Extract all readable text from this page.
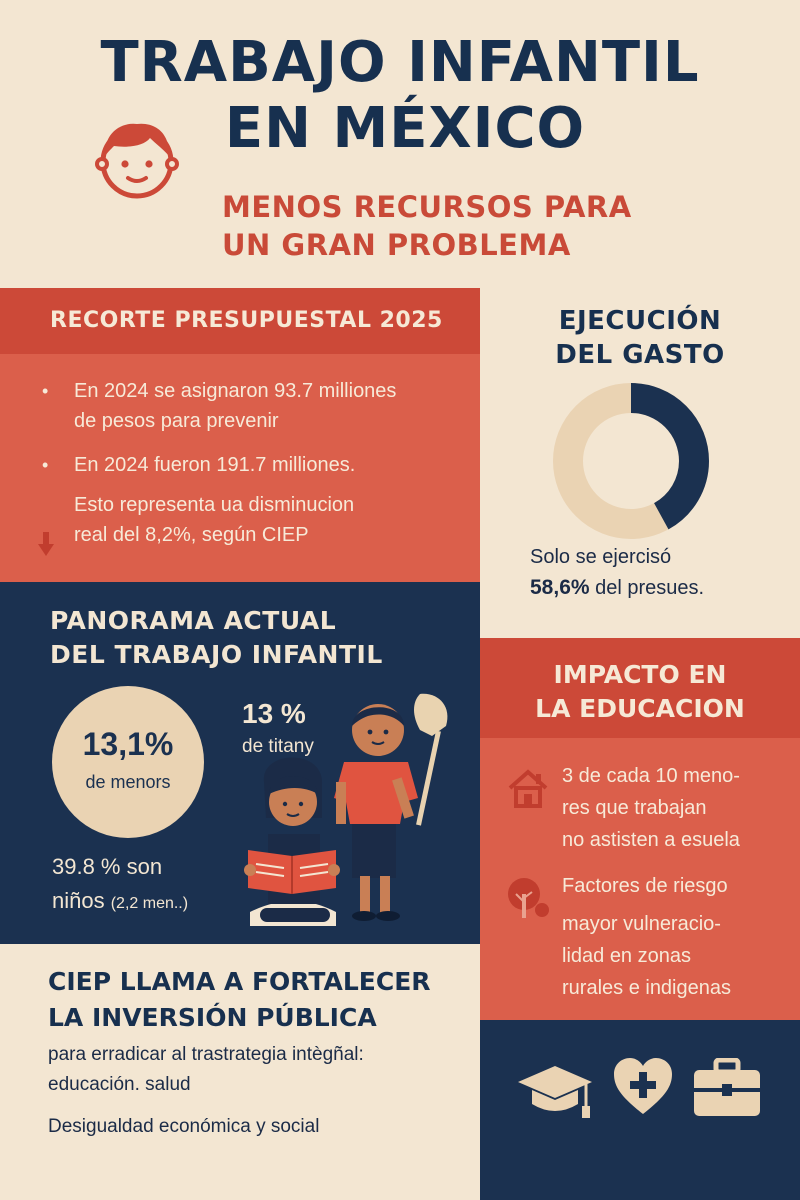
TRABAJO INFANTIL

EN MÉXICO
MENOS RECURSOS PARA
UN GRAN PROBLEMA
RECORTE PRESUPUESTAL 2025
• En 2024 se asignaron 93.7 milliones
de pesos para prevenir
• En 2024 fueron 191.7 milliones.
Esto representa ua disminucion
real del 8,2%, según CIEP
PANORAMA ACTUAL
DEL TRABAJO INFANTIL
13,1%
de menors
13 %
de titany
39.8 % son
niños (2,2 men..)
CIEP LLAMA A FORTALECER
LA INVERSIÓN PÚBLICA
para erradicar al trastrategia intègñal:
educación. salud
Desigualdad económica y social
EJECUCIÓN
DEL GASTO
Solo se ejercisó
58,6% del presues.
IMPACTO EN
LA EDUCACION
3 de cada 10 meno-
res que trabajan
no astisten a esuela
Factores de riesgo
mayor vulneracio-
lidad en zonas
rurales e indigenas
